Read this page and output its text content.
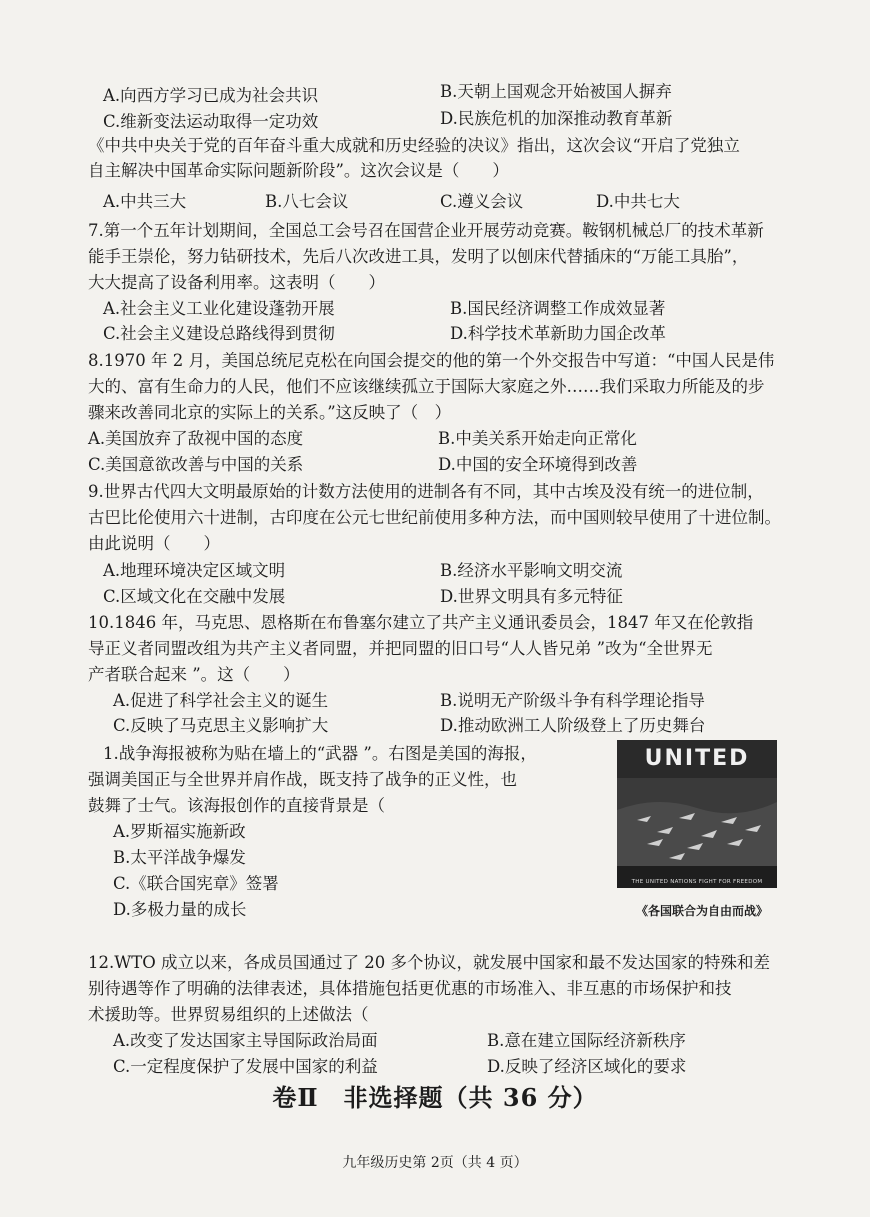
A.向西方学习已成为社会共识	B.天朝上国观念开始被国人摒弃
C.维新变法运动取得一定功效	D.民族危机的加深推动教育革新
《中共中央关于党的百年奋斗重大成就和历史经验的决议》指出，这次会议“开启了党独立
自主解决中国革命实际问题新阶段”。这次会议是（　　）
A.中共三大	B.八七会议	C.遵义会议	D.中共七大
7.第一个五年计划期间，全国总工会号召在国营企业开展劳动竞赛。鞍钢机械总厂的技术革新
能手王崇伦，努力钻研技术，先后八次改进工具，发明了以刨床代替插床的“万能工具胎”，
大大提高了设备利用率。这表明（　　）
A.社会主义工业化建设蓬勃开展	B.国民经济调整工作成效显著
C.社会主义建设总路线得到贯彻	D.科学技术革新助力国企改革
8.1970 年 2 月，美国总统尼克松在向国会提交的他的第一个外交报告中写道：“中国人民是伟
大的、富有生命力的人民，他们不应该继续孤立于国际大家庭之外……我们采取力所能及的步
骤来改善同北京的实际上的关系。”这反映了（　）
A.美国放弃了敌视中国的态度	B.中美关系开始走向正常化
C.美国意欲改善与中国的关系	D.中国的安全环境得到改善
9.世界古代四大文明最原始的计数方法使用的进制各有不同，其中古埃及没有统一的进位制，
古巴比伦使用六十进制，古印度在公元七世纪前使用多种方法，而中国则较早使用了十进位制。
由此说明（　　）
A.地理环境决定区域文明	B.经济水平影响文明交流
C.区域文化在交融中发展	D.世界文明具有多元特征
10.1846 年，马克思、恩格斯在布鲁塞尔建立了共产主义通讯委员会，1847 年又在伦敦指
导正义者同盟改组为共产主义者同盟，并把同盟的旧口号“人人皆兄弟 ”改为“全世界无
产者联合起来 ”。这（　　）
A.促进了科学社会主义的诞生	B.说明无产阶级斗争有科学理论指导
C.反映了马克思主义影响扩大	D.推动欧洲工人阶级登上了历史舞台
1.战争海报被称为贴在墙上的“武器 ”。右图是美国的海报，
强调美国正与全世界并肩作战，既支持了战争的正义性，也
鼓舞了士气。该海报创作的直接背景是（
A.罗斯福实施新政
B.太平洋战争爆发
C.《联合国宪章》签署
D.多极力量的成长
UNITED
THE UNITED NATIONS FIGHT FOR FREEDOM
《各国联合为自由而战》
12.WTO 成立以来，各成员国通过了 20 多个协议，就发展中国家和最不发达国家的特殊和差
别待遇等作了明确的法律表述，具体措施包括更优惠的市场准入、非互惠的市场保护和技
术援助等。世界贸易组织的上述做法（
A.改变了发达国家主导国际政治局面	B.意在建立国际经济新秩序
C.一定程度保护了发展中国家的利益	D.反映了经济区域化的要求
卷Ⅱ　非选择题（共 36 分）
九年级历史第 2页（共 4 页）
